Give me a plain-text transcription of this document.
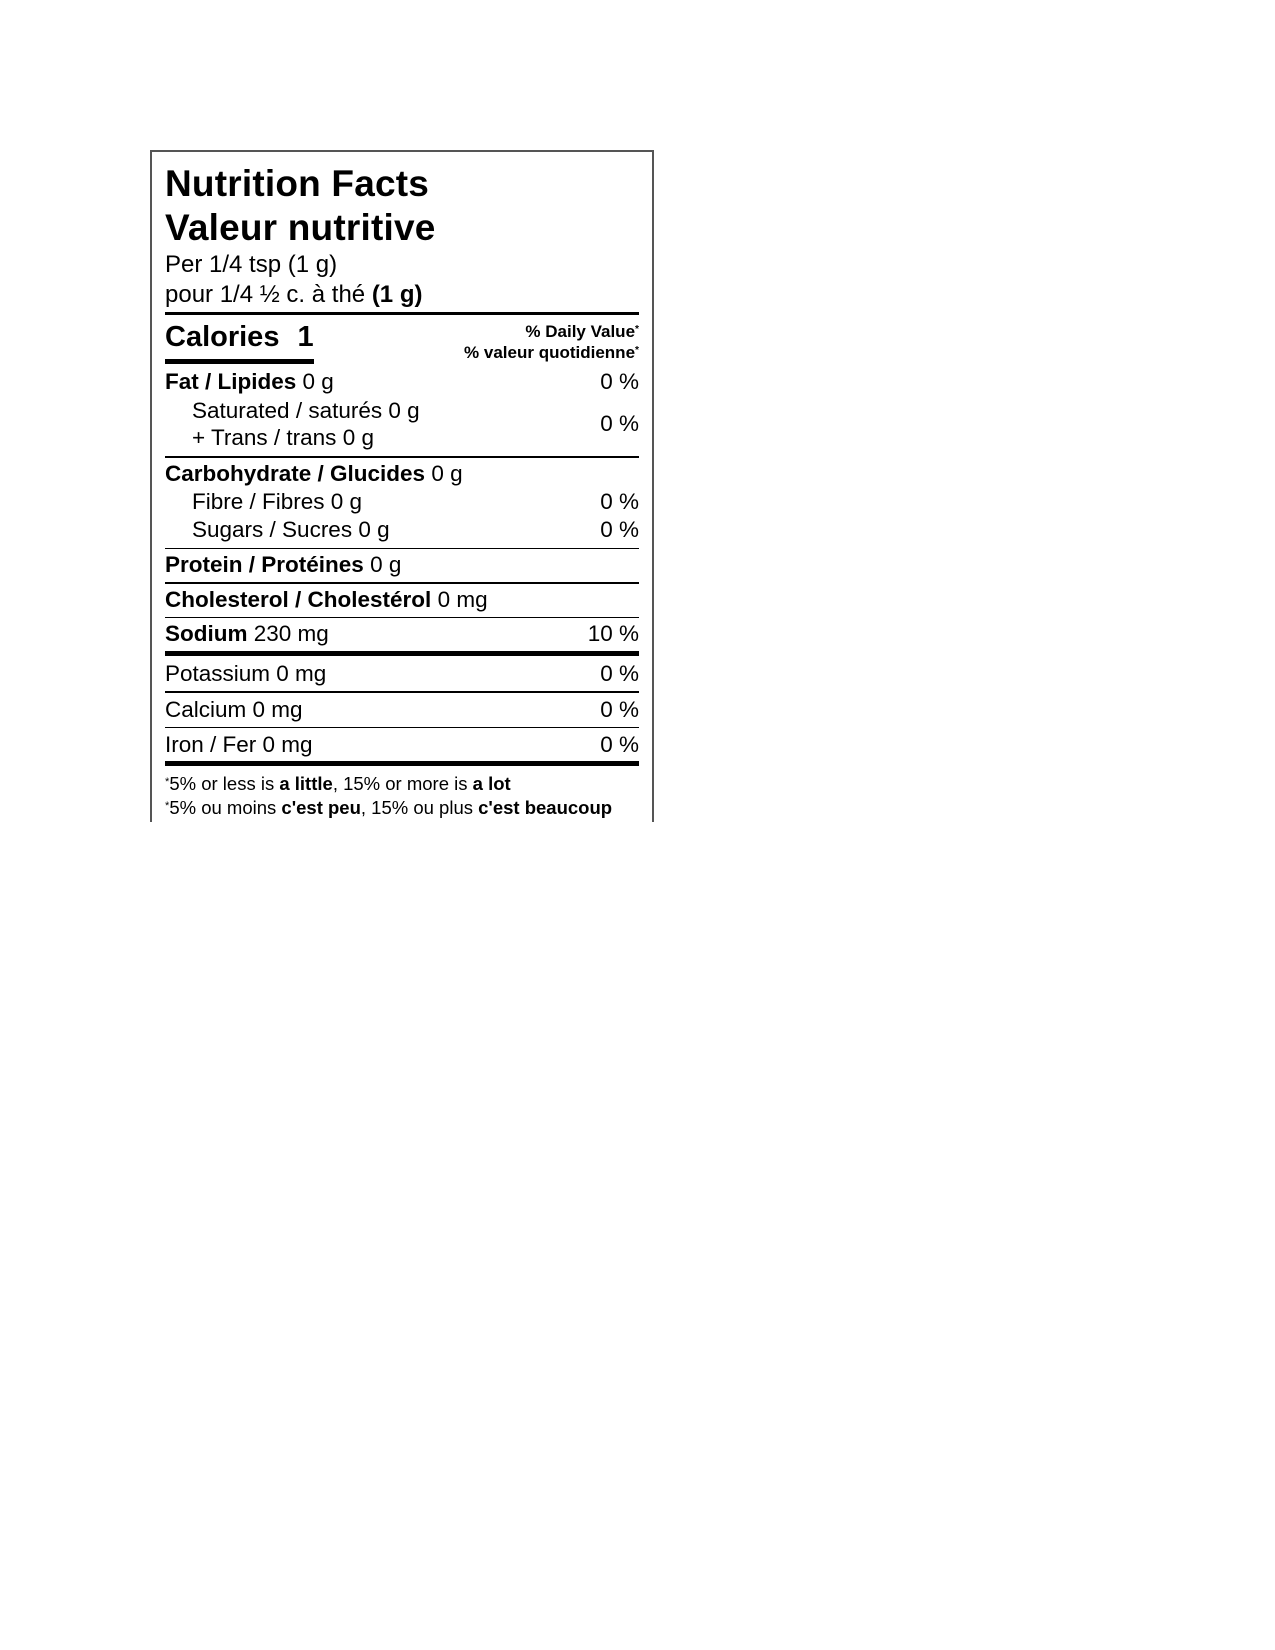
Nutrition Facts
Valeur nutritive
Per 1/4 tsp (1 g)
pour 1/4 ½ c. à thé (1 g)
Calories 1	% Daily Value*
% valeur quotidienne*
Fat / Lipides 0 g	0 %
Saturated / saturés 0 g
+ Trans / trans 0 g
0 %
Carbohydrate / Glucides 0 g
Fibre / Fibres 0 g	0 %
Sugars / Sucres 0 g	0 %
Protein / Protéines 0 g
Cholesterol / Cholestérol 0 mg
Sodium 230 mg	10 %
Potassium 0 mg	0 %
Calcium 0 mg	0 %
Iron / Fer 0 mg	0 %
*5% or less is a little, 15% or more is a lot
*5% ou moins c'est peu, 15% ou plus c'est beaucoup
